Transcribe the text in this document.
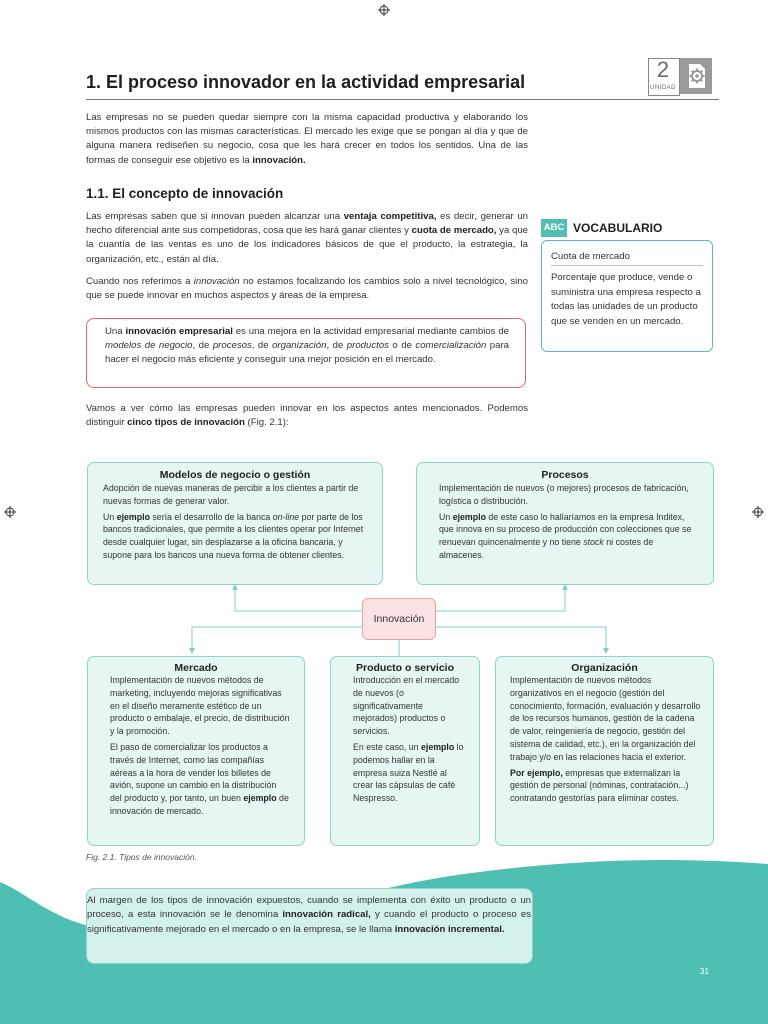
1. El proceso innovador en la actividad empresarial	2
UNIDAD

Las empresas no se pueden quedar siempre con la misma capacidad productiva y elaborando los mismos productos con las mismas características. El mercado les exige que se pongan al día y que de alguna manera rediseñen su negocio, cosa que les hará crecer en todos los sentidos. Una de las formas de conseguir ese objetivo es la innovación.

1.1. El concepto de innovación

Las empresas saben que si innovan pueden alcanzar una ventaja competitiva, es decir, generar un hecho diferencial ante sus competidoras, cosa que les hará ganar clientes y cuota de mercado, ya que la cuantía de las ventas es uno de los indicadores básicos de que el producto, la estrategia, la organización, etc., están al día.

Cuando nos referimos a innovación no estamos focalizando los cambios solo a nivel tecnológico, sino que se puede innovar en muchos aspectos y áreas de la empresa.

Una innovación empresarial es una mejora en la actividad empresarial mediante cambios de modelos de negocio, de procesos, de organización, de productos o de comercialización para hacer el negocio más eficiente y conseguir una mejor posición en el mercado.

Vamos a ver cómo las empresas pueden innovar en los aspectos antes mencionados. Podemos distinguir cinco tipos de innovación (Fig. 2.1):

ABC VOCABULARIO
Cuota de mercado
Porcentaje que produce, vende o suministra una empresa respecto a todas las unidades de un producto que se venden en un mercado.
Modelos de negocio o gestión

Adopción de nuevas maneras de percibir a los clientes a partir de nuevas formas de generar valor.

Un ejemplo sería el desarrollo de la banca on-line por parte de los bancos tradicionales, que permite a los clientes operar por Internet desde cualquier lugar, sin desplazarse a la oficina bancaria, y supone para los bancos una nueva forma de obtener clientes.

Procesos

Implementación de nuevos (o mejores) procesos de fabricación, logística o distribución.

Un ejemplo de este caso lo hallaríamos en la empresa Inditex, que innova en su proceso de producción con colecciones que se renuevan quincenalmente y no tiene stock ni costes de almacenes.

Innovación
Mercado

Implementación de nuevos métodos de marketing, incluyendo mejoras significativas en el diseño meramente estético de un producto o embalaje, el precio, de distribución y la promoción.

El paso de comercializar los productos a través de Internet, como las compañías aéreas a la hora de vender los billetes de avión, supone un cambio en la distribución del producto y, por tanto, un buen ejemplo de innovación de mercado.

Producto o servicio

Introducción en el mercado de nuevos (o significativamente mejorados) productos o servicios.

En este caso, un ejemplo lo podemos hallar en la empresa suiza Nestlé al crear las cápsulas de café Nespresso.

Organización

Implementación de nuevos métodos organizativos en el negocio (gestión del conocimiento, formación, evaluación y desarrollo de los recursos humanos, gestión de la cadena de valor, reingeniería de negocio, gestión del sistema de calidad, etc.), en la organización del trabajo y/o en las relaciones hacia el exterior.

Por ejemplo, empresas que externalizan la gestión de personal (nóminas, contratación...) contratando gestorías para eliminar costes.

Fig. 2.1. Tipos de innovación.

Al margen de los tipos de innovación expuestos, cuando se implementa con éxito un producto o un proceso, a esta innovación se le denomina innovación radical, y cuando el producto o proceso es significativamente mejorado en el mercado o en la empresa, se le llama innovación incremental.

31
